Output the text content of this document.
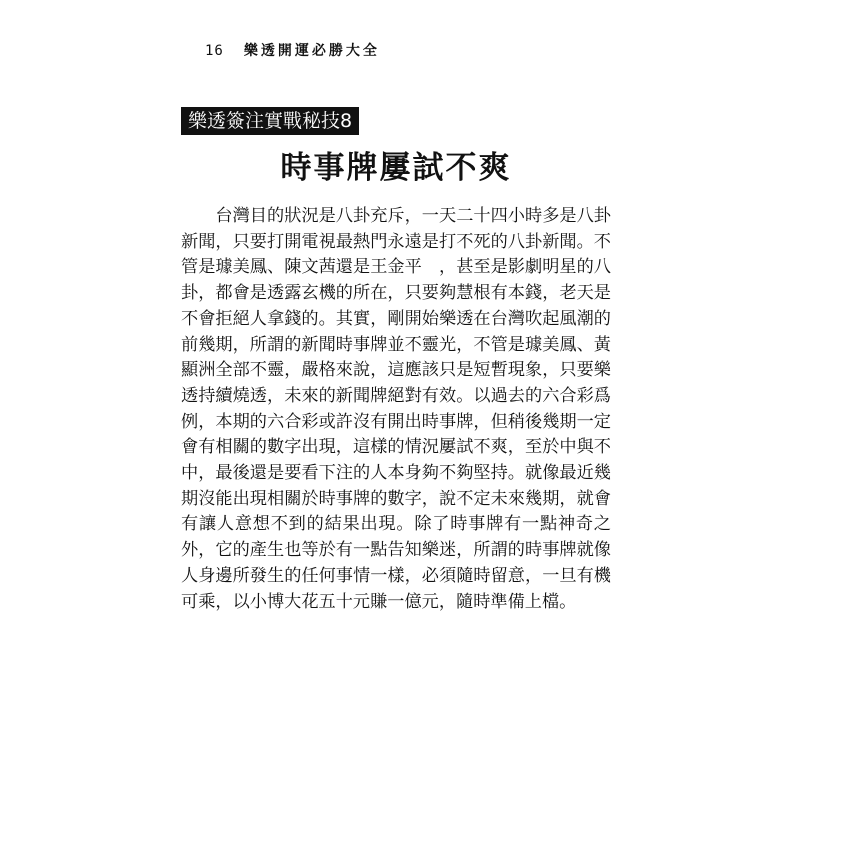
16 樂透開運必勝大全
樂透簽注實戰秘技8
時事牌屢試不爽

台灣目的狀況是八卦充斥，一天二十四小時多是八卦新聞，只要打開電視最熱門永遠是打不死的八卦新聞。不管是璩美鳳、陳文茜還是王金平　，甚至是影劇明星的八卦，都會是透露玄機的所在，只要夠慧根有本錢，老天是不會拒絕人拿錢的。其實，剛開始樂透在台灣吹起風潮的前幾期，所謂的新聞時事牌並不靈光，不管是璩美鳳、黃顯洲全部不靈，嚴格來說，這應該只是短暫現象，只要樂透持續燒透，未來的新聞牌絕對有效。以過去的六合彩爲例，本期的六合彩或許沒有開出時事牌，但稍後幾期一定會有相關的數字出現，這樣的情況屢試不爽，至於中與不中，最後還是要看下注的人本身夠不夠堅持。就像最近幾期沒能出現相關於時事牌的數字，說不定未來幾期，就會有讓人意想不到的結果出現。除了時事牌有一點神奇之外，它的產生也等於有一點告知樂迷，所謂的時事牌就像人身邊所發生的任何事情一樣，必須隨時留意，一旦有機可乘，以小博大花五十元賺一億元，隨時準備上檔。
